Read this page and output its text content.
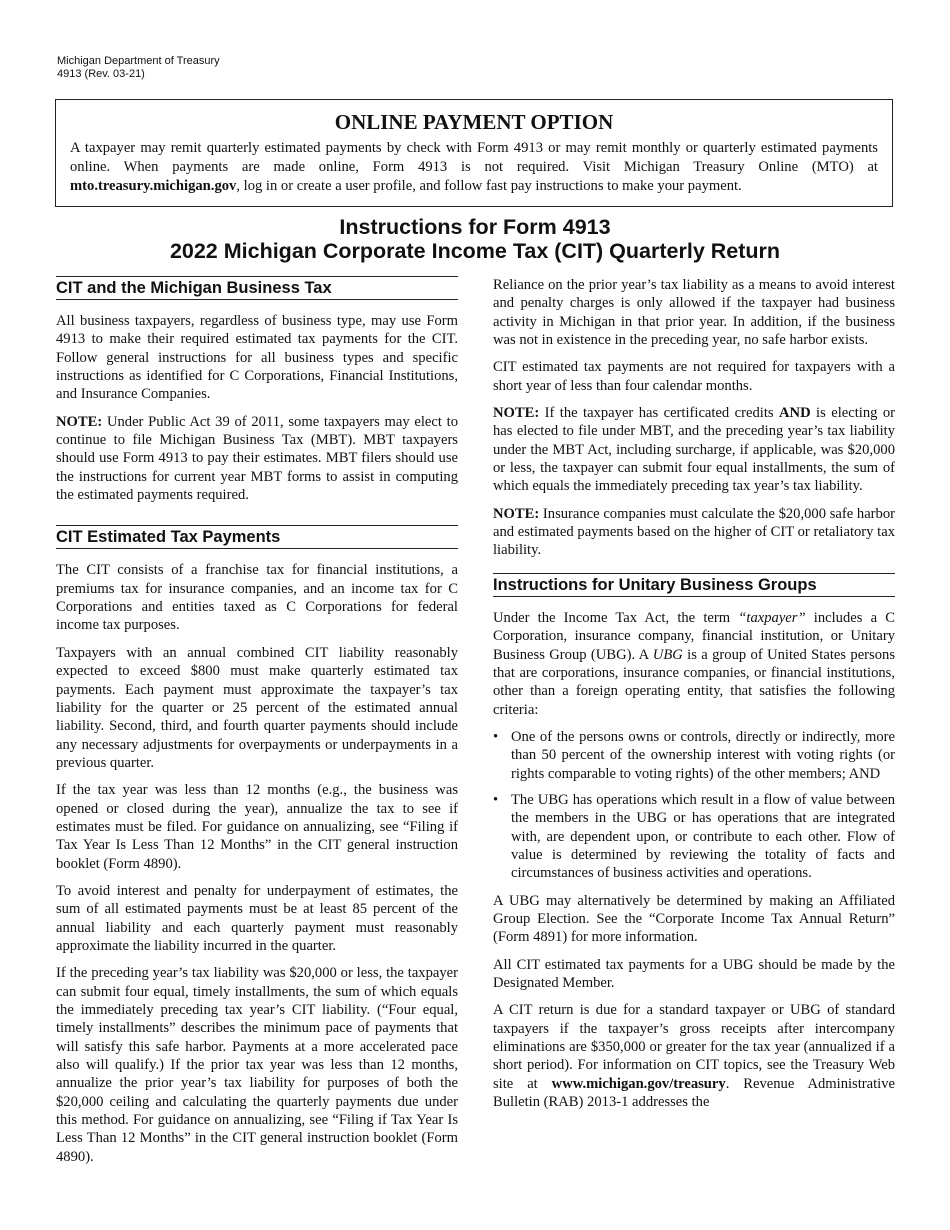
Michigan Department of Treasury
4913 (Rev. 03-21)
ONLINE PAYMENT OPTION

A taxpayer may remit quarterly estimated payments by check with Form 4913 or may remit monthly or quarterly estimated payments online. When payments are made online, Form 4913 is not required. Visit Michigan Treasury Online (MTO) at mto.treasury.michigan.gov, log in or create a user profile, and follow fast pay instructions to make your payment.

Instructions for Form 4913
2022 Michigan Corporate Income Tax (CIT) Quarterly Return
CIT and the Michigan Business Tax

All business taxpayers, regardless of business type, may use Form 4913 to make their required estimated tax payments for the CIT. Follow general instructions for all business types and specific instructions as identified for C Corporations, Financial Institutions, and Insurance Companies.

NOTE: Under Public Act 39 of 2011, some taxpayers may elect to continue to file Michigan Business Tax (MBT). MBT taxpayers should use Form 4913 to pay their estimates. MBT filers should use the instructions for current year MBT forms to assist in computing the estimated payments required.

CIT Estimated Tax Payments

The CIT consists of a franchise tax for financial institutions, a premiums tax for insurance companies, and an income tax for C Corporations and entities taxed as C Corporations for federal income tax purposes.

Taxpayers with an annual combined CIT liability reasonably expected to exceed $800 must make quarterly estimated tax payments. Each payment must approximate the taxpayer’s tax liability for the quarter or 25 percent of the estimated annual liability. Second, third, and fourth quarter payments should include any necessary adjustments for overpayments or underpayments in a previous quarter.

If the tax year was less than 12 months (e.g., the business was opened or closed during the year), annualize the tax to see if estimates must be filed. For guidance on annualizing, see “Filing if Tax Year Is Less Than 12 Months” in the CIT general instruction booklet (Form 4890).

To avoid interest and penalty for underpayment of estimates, the sum of all estimated payments must be at least 85 percent of the annual liability and each quarterly payment must reasonably approximate the liability incurred in the quarter.

If the preceding year’s tax liability was $20,000 or less, the taxpayer can submit four equal, timely installments, the sum of which equals the immediately preceding tax year’s CIT liability. (“Four equal, timely installments” describes the minimum pace of payments that will satisfy this safe harbor. Payments at a more accelerated pace also will qualify.) If the prior tax year was less than 12 months, annualize the prior year’s tax liability for purposes of both the $20,000 ceiling and calculating the quarterly payments due under this method. For guidance on annualizing, see “Filing if Tax Year Is Less Than 12 Months” in the CIT general instruction booklet (Form 4890).

Reliance on the prior year’s tax liability as a means to avoid interest and penalty charges is only allowed if the taxpayer had business activity in Michigan in that prior year. In addition, if the business was not in existence in the preceding year, no safe harbor exists.

CIT estimated tax payments are not required for taxpayers with a short year of less than four calendar months.

NOTE: If the taxpayer has certificated credits AND is electing or has elected to file under MBT, and the preceding year’s tax liability under the MBT Act, including surcharge, if applicable, was $20,000 or less, the taxpayer can submit four equal installments, the sum of which equals the immediately preceding tax year’s tax liability.

NOTE: Insurance companies must calculate the $20,000 safe harbor and estimated payments based on the higher of CIT or retaliatory tax liability.

Instructions for Unitary Business Groups

Under the Income Tax Act, the term “taxpayer” includes a C Corporation, insurance company, financial institution, or Unitary Business Group (UBG). A UBG is a group of United States persons that are corporations, insurance companies, or financial institutions, other than a foreign operating entity, that satisfies the following criteria:

• One of the persons owns or controls, directly or indirectly, more than 50 percent of the ownership interest with voting rights (or rights comparable to voting rights) of the other members; AND
• The UBG has operations which result in a flow of value between the members in the UBG or has operations that are integrated with, are dependent upon, or contribute to each other. Flow of value is determined by reviewing the totality of facts and circumstances of business activities and operations.

A UBG may alternatively be determined by making an Affiliated Group Election. See the “Corporate Income Tax Annual Return” (Form 4891) for more information.

All CIT estimated tax payments for a UBG should be made by the Designated Member.

A CIT return is due for a standard taxpayer or UBG of standard taxpayers if the taxpayer’s gross receipts after intercompany eliminations are $350,000 or greater for the tax year (annualized if a short period). For information on CIT topics, see the Treasury Web site at www.michigan.gov/treasury. Revenue Administrative Bulletin (RAB) 2013-1 addresses the
